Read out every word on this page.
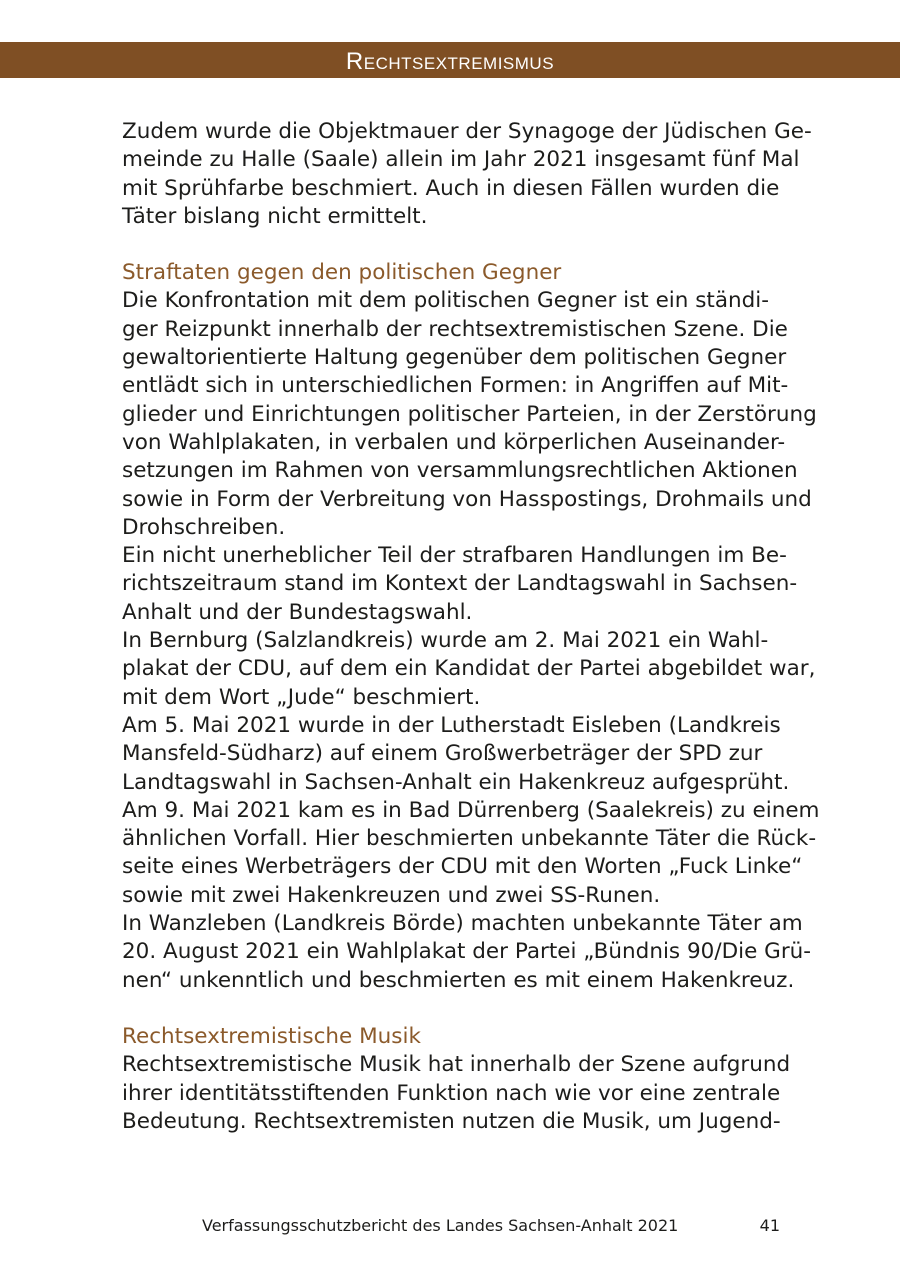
Rechtsextremismus

Zudem wurde die Objektmauer der Synagoge der Jüdischen Ge-

meinde zu Halle (Saale) allein im Jahr 2021 insgesamt fünf Mal

mit Sprühfarbe beschmiert. Auch in diesen Fällen wurden die

Täter bislang nicht ermittelt.

Straftaten gegen den politischen Gegner

Die Konfrontation mit dem politischen Gegner ist ein ständi-

ger Reizpunkt innerhalb der rechtsextremistischen Szene. Die

gewaltorientierte Haltung gegenüber dem politischen Gegner

entlädt sich in unterschiedlichen Formen: in Angriffen auf Mit-

glieder und Einrichtungen politischer Parteien, in der Zerstörung

von Wahlplakaten, in verbalen und körperlichen Auseinander-

setzungen im Rahmen von versammlungsrechtlichen Aktionen

sowie in Form der Verbreitung von Hasspostings, Drohmails und

Drohschreiben.

Ein nicht unerheblicher Teil der strafbaren Handlungen im Be-

richtszeitraum stand im Kontext der Landtagswahl in Sachsen-

Anhalt und der Bundestagswahl.

In Bernburg (Salzlandkreis) wurde am 2. Mai 2021 ein Wahl-

plakat der CDU, auf dem ein Kandidat der Partei abgebildet war,

mit dem Wort „Jude“ beschmiert.

Am 5. Mai 2021 wurde in der Lutherstadt Eisleben (Landkreis

Mansfeld-Südharz) auf einem Großwerbeträger der SPD zur

Landtagswahl in Sachsen-Anhalt ein Hakenkreuz aufgesprüht.

Am 9. Mai 2021 kam es in Bad Dürrenberg (Saalekreis) zu einem

ähnlichen Vorfall. Hier beschmierten unbekannte Täter die Rück-

seite eines Werbeträgers der CDU mit den Worten „Fuck Linke“

sowie mit zwei Hakenkreuzen und zwei SS-Runen.

In Wanzleben (Landkreis Börde) machten unbekannte Täter am

20. August 2021 ein Wahlplakat der Partei „Bündnis 90/Die Grü-

nen“ unkenntlich und beschmierten es mit einem Hakenkreuz.

Rechtsextremistische Musik

Rechtsextremistische Musik hat innerhalb der Szene aufgrund

ihrer identitätsstiftenden Funktion nach wie vor eine zentrale

Bedeutung. Rechtsextremisten nutzen die Musik, um Jugend-

Verfassungsschutzbericht des Landes Sachsen-Anhalt 2021	41
